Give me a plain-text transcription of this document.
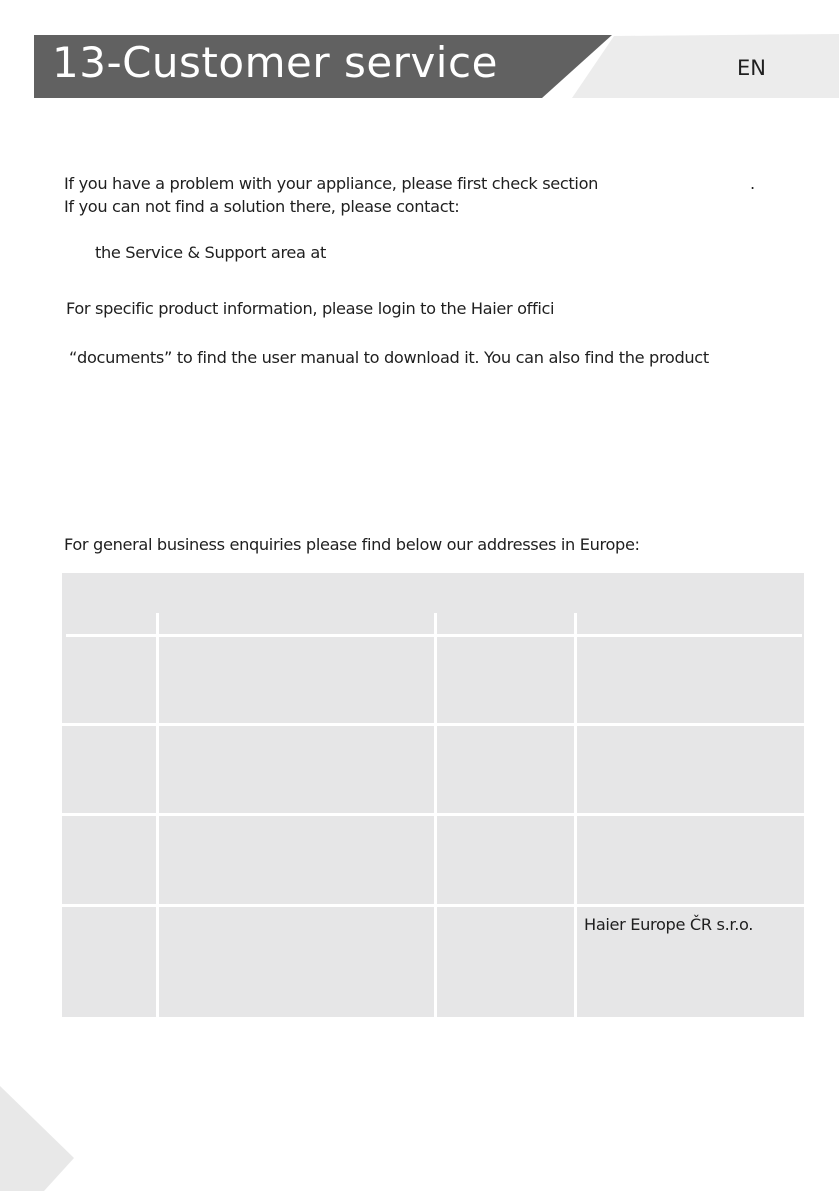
13-Customer service	EN
If you have a problem with your appliance, please first check section	.
If you can not find a solution there, please contact:
the Service & Support area at
For specific product information, please login to the Haier offici
“documents” to find the user manual to download it. You can also find the product
For general business enquiries please find below our addresses in Europe:
Haier Europe ČR s.r.o.
